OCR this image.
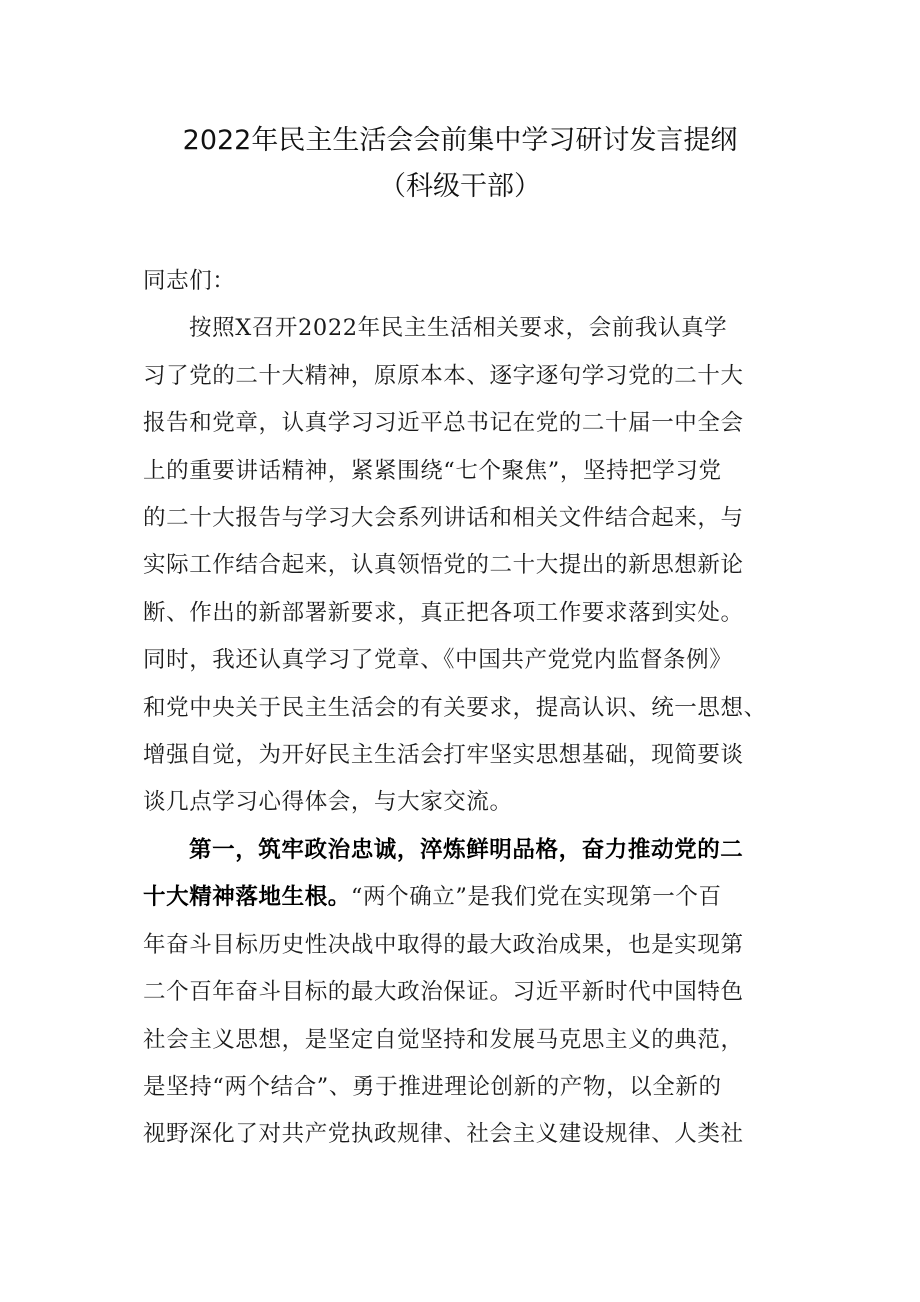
2022年民主生活会会前集中学习研讨发言提纲
（科级干部）
同志们：
按照X召开2022年民主生活相关要求，会前我认真学
习了党的二十大精神，原原本本、逐字逐句学习党的二十大
报告和党章，认真学习习近平总书记在党的二十届一中全会
上的重要讲话精神，紧紧围绕“七个聚焦”，坚持把学习党
的二十大报告与学习大会系列讲话和相关文件结合起来，与
实际工作结合起来，认真领悟党的二十大提出的新思想新论
断、作出的新部署新要求，真正把各项工作要求落到实处。
同时，我还认真学习了党章、《中国共产党党内监督条例》
和党中央关于民主生活会的有关要求，提高认识、统一思想、
增强自觉，为开好民主生活会打牢坚实思想基础，现简要谈
谈几点学习心得体会，与大家交流。
第一，筑牢政治忠诚，淬炼鲜明品格，奋力推动党的二
十大精神落地生根。“两个确立”是我们党在实现第一个百
年奋斗目标历史性决战中取得的最大政治成果，也是实现第
二个百年奋斗目标的最大政治保证。习近平新时代中国特色
社会主义思想，是坚定自觉坚持和发展马克思主义的典范，
是坚持“两个结合”、勇于推进理论创新的产物，以全新的
视野深化了对共产党执政规律、社会主义建设规律、人类社
